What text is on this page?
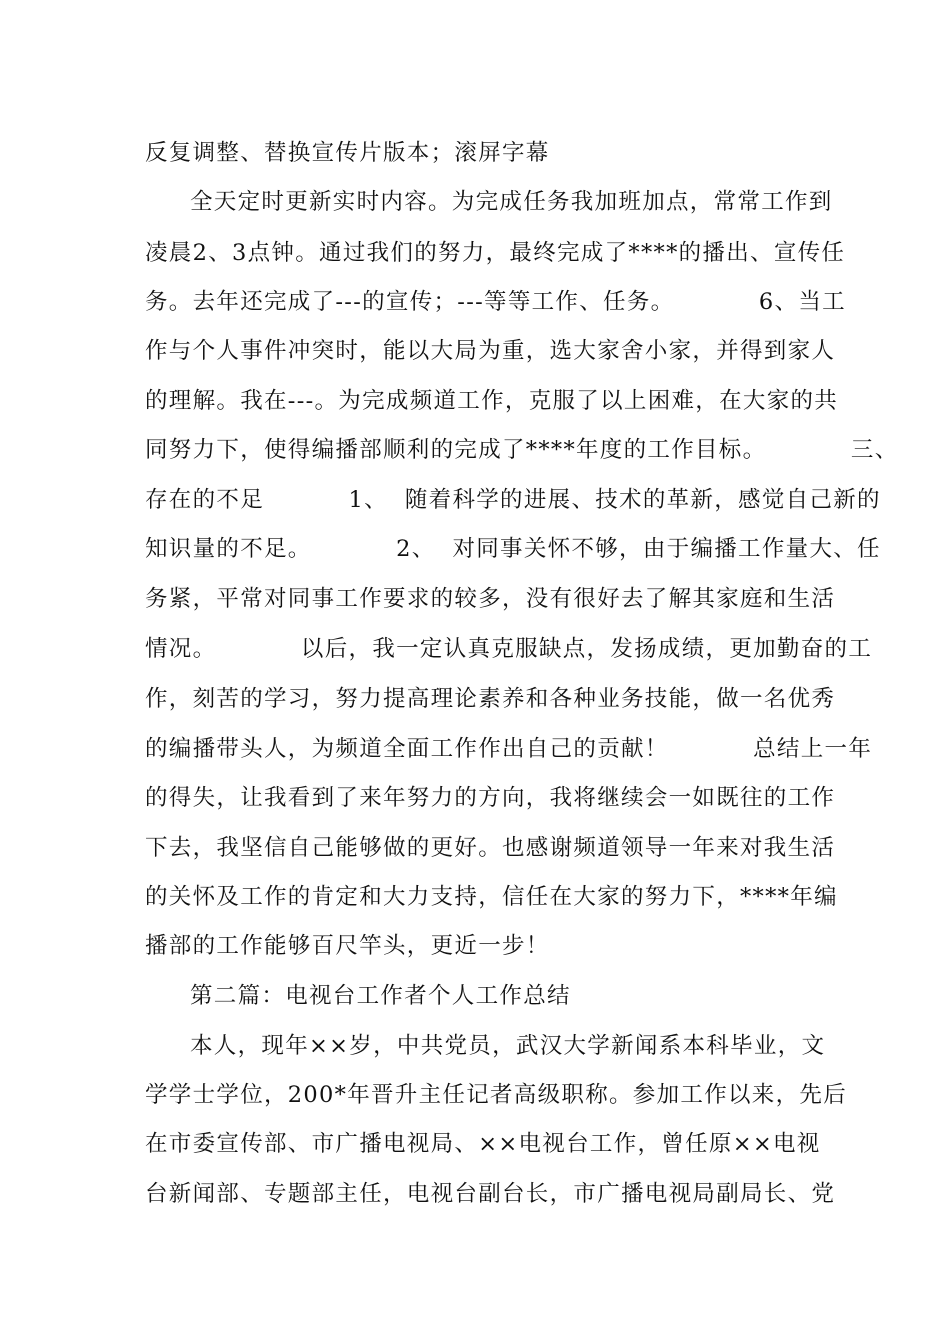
反复调整、替换宣传片版本；滚屏字幕
全天定时更新实时内容。为完成任务我加班加点，常常工作到
凌晨2、3点钟。通过我们的努力，最终完成了****的播出、宣传任
务。去年还完成了---的宣传；---等等工作、任务。          6、当工
作与个人事件冲突时，能以大局为重，选大家舍小家，并得到家人
的理解。我在---。为完成频道工作，克服了以上困难，在大家的共
同努力下，使得编播部顺利的完成了****年度的工作目标。          三、
存在的不足          1、  随着科学的进展、技术的革新，感觉自己新的
知识量的不足。          2、  对同事关怀不够，由于编播工作量大、任
务紧，平常对同事工作要求的较多，没有很好去了解其家庭和生活
情况。          以后，我一定认真克服缺点，发扬成绩，更加勤奋的工
作，刻苦的学习，努力提高理论素养和各种业务技能，做一名优秀
的编播带头人，为频道全面工作作出自己的贡献！          总结上一年
的得失，让我看到了来年努力的方向，我将继续会一如既往的工作
下去，我坚信自己能够做的更好。也感谢频道领导一年来对我生活
的关怀及工作的肯定和大力支持，信任在大家的努力下，****年编
播部的工作能够百尺竿头，更近一步！
第二篇：电视台工作者个人工作总结
本人，现年××岁，中共党员，武汉大学新闻系本科毕业，文
学学士学位，200*年晋升主任记者高级职称。参加工作以来，先后
在市委宣传部、市广播电视局、××电视台工作，曾任原××电视
台新闻部、专题部主任，电视台副台长，市广播电视局副局长、党
